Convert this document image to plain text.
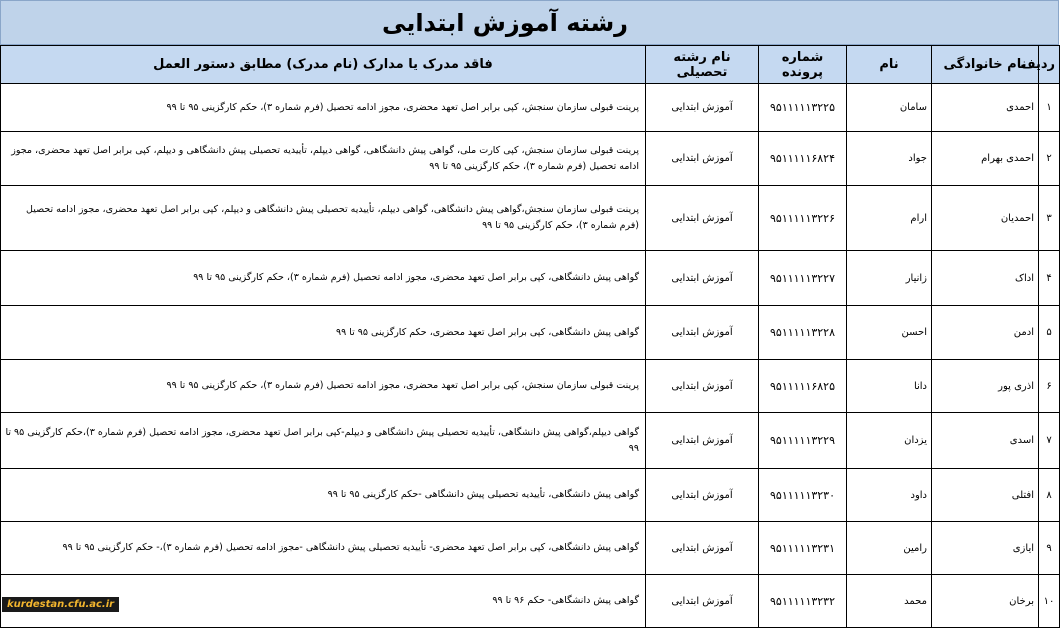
رشته آموزش ابتدایی
ردیف	نام خانوادگی	نام	شماره پرونده	نام رشته تحصیلی	فاقد مدرک یا مدارک (نام مدرک) مطابق دستور العمل
۱	احمدی	سامان	۹۵۱۱۱۱۱۳۲۲۵	آموزش ابتدایی	پرینت قبولی سازمان سنجش، کپی برابر اصل تعهد محضری، مجوز ادامه تحصیل (فرم شماره ۳)، حکم کارگزینی ۹۵ تا ۹۹
۲	احمدی بهرام	جواد	۹۵۱۱۱۱۱۶۸۲۴	آموزش ابتدایی	پرینت قبولی سازمان سنجش، کپی کارت ملی، گواهی پیش دانشگاهی، گواهی دیپلم، تأییدیه تحصیلی پیش دانشگاهی و دیپلم، کپی برابر اصل تعهد محضری، مجوز ادامه تحصیل (فرم شماره ۳)، حکم کارگزینی ۹۵ تا ۹۹
۳	احمدیان	ارام	۹۵۱۱۱۱۱۳۲۲۶	آموزش ابتدایی	پرینت قبولی سازمان سنجش،گواهی پیش دانشگاهی، گواهی دیپلم، تأییدیه تحصیلی پیش دانشگاهی و دیپلم، کپی برابر اصل تعهد محضری، مجوز ادامه تحصیل (فرم شماره ۳)، حکم کارگزینی ۹۵ تا ۹۹
۴	اداک	زانیار	۹۵۱۱۱۱۱۳۲۲۷	آموزش ابتدایی	گواهی پیش دانشگاهی، کپی برابر اصل تعهد محضری، مجوز ادامه تحصیل (فرم شماره ۳)، حکم کارگزینی ۹۵ تا ۹۹
۵	ادمن	احسن	۹۵۱۱۱۱۱۳۲۲۸	آموزش ابتدایی	گواهی پیش دانشگاهی، کپی برابر اصل تعهد محضری، حکم کارگزینی ۹۵ تا ۹۹
۶	اذری پور	دانا	۹۵۱۱۱۱۱۶۸۲۵	آموزش ابتدایی	پرینت قبولی سازمان سنجش، کپی برابر اصل تعهد محضری، مجوز ادامه تحصیل (فرم شماره ۳)، حکم کارگزینی ۹۵ تا ۹۹
۷	اسدی	یزدان	۹۵۱۱۱۱۱۳۲۲۹	آموزش ابتدایی	گواهی دیپلم،گواهی پیش دانشگاهی، تأییدیه تحصیلی پیش دانشگاهی و دیپلم-کپی برابر اصل تعهد محضری، مجوز ادامه تحصیل (فرم شماره ۳)،حکم کارگزینی ۹۵ تا ۹۹
۸	افتلی	داود	۹۵۱۱۱۱۱۳۲۳۰	آموزش ابتدایی	گواهی پیش دانشگاهی، تأییدیه تحصیلی پیش دانشگاهی -حکم کارگزینی ۹۵ تا ۹۹
۹	ایازی	رامین	۹۵۱۱۱۱۱۳۲۳۱	آموزش ابتدایی	گواهی پیش دانشگاهی، کپی برابر اصل تعهد محضری- تأییدیه تحصیلی پیش دانشگاهی -مجوز ادامه تحصیل (فرم شماره ۳)،- حکم کارگزینی ۹۵ تا ۹۹
۱۰	برخان	محمد	۹۵۱۱۱۱۱۳۲۳۲	آموزش ابتدایی	گواهی پیش دانشگاهی- حکم ۹۶ تا ۹۹
kurdestan.cfu.ac.ir
